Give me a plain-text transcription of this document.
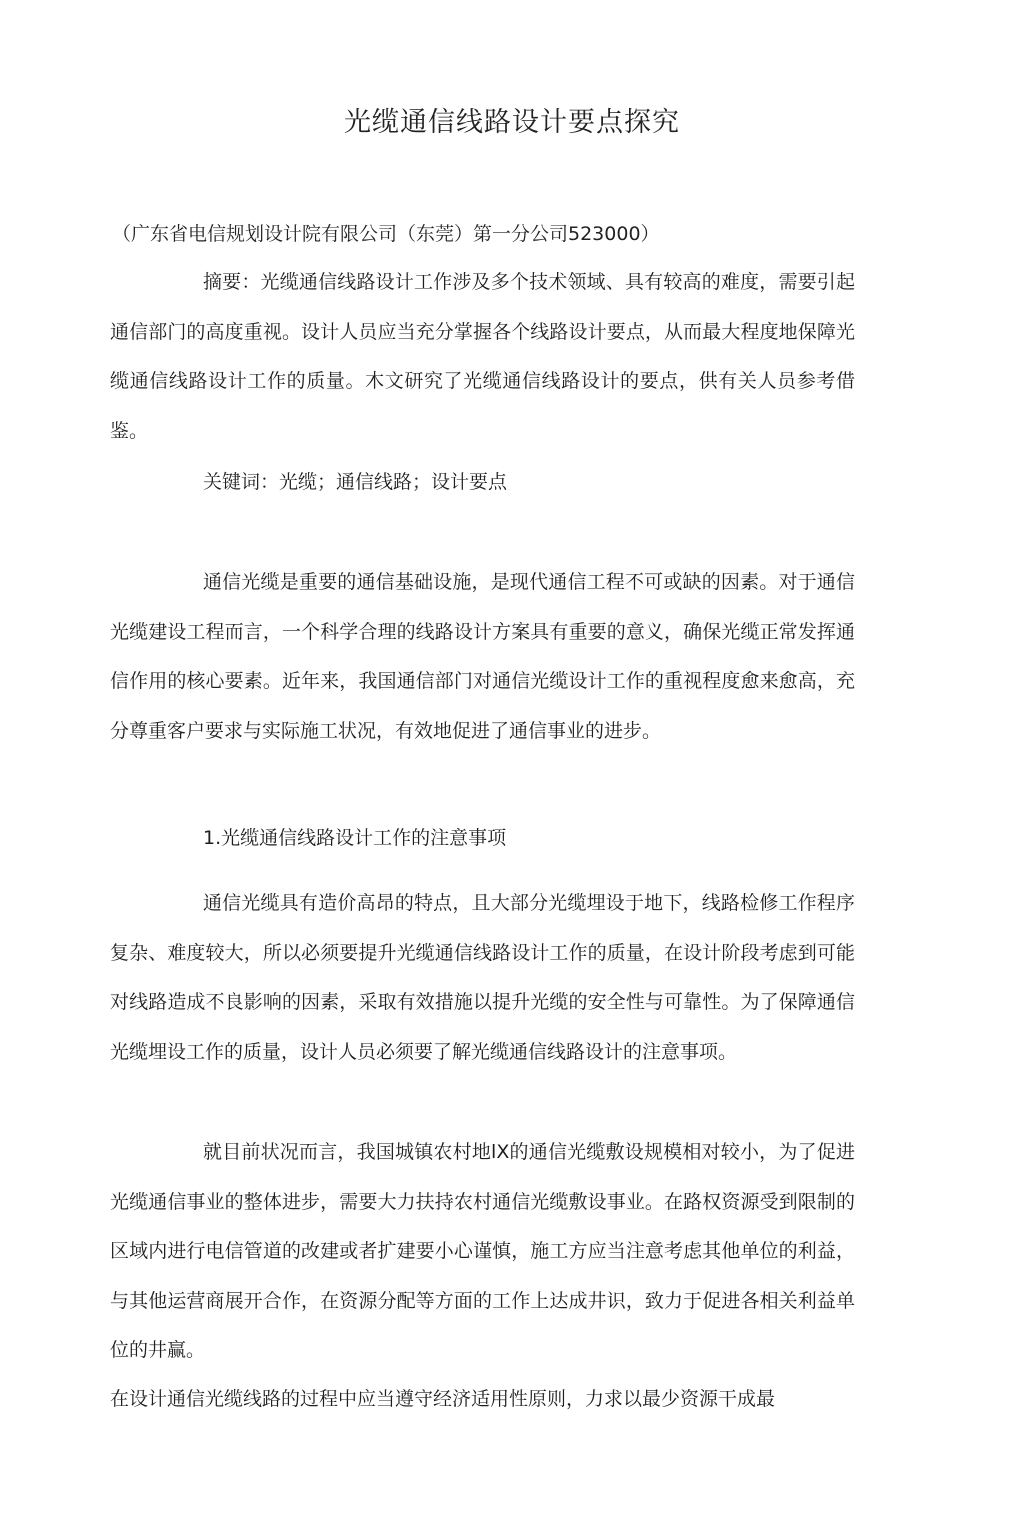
光缆通信线路设计要点探究
（广东省电信规划设计院有限公司（东莞）第一分公司523000）

摘要：光缆通信线路设计工作涉及多个技术领域、具有较高的难度，需要引起通信部门的高度重视。设计人员应当充分掌握各个线路设计要点，从而最大程度地保障光缆通信线路设计工作的质量。木文研究了光缆通信线路设计的要点，供有关人员参考借鉴。

关键词：光缆；通信线路；设计要点

通信光缆是重要的通信基础设施，是现代通信工程不可或缺的因素。对于通信光缆建设工程而言，一个科学合理的线路设计方案具有重要的意义，确保光缆正常发挥通信作用的核心要素。近年来，我国通信部门对通信光缆设计工作的重视程度愈来愈高，充分尊重客户要求与实际施工状况，有效地促进了通信事业的进步。

1.光缆通信线路设计工作的注意事项

通信光缆具有造价高昂的特点，且大部分光缆埋设于地下，线路检修工作程序复杂、难度较大，所以必须要提升光缆通信线路设计工作的质量，在设计阶段考虑到可能对线路造成不良影响的因素，采取有效措施以提升光缆的安全性与可靠性。为了保障通信光缆埋设工作的质量，设计人员必须要了解光缆通信线路设计的注意事项。

就目前状况而言，我国城镇农村地lX的通信光缆敷设规模相对较小，为了促进光缆通信事业的整体进步，需要大力扶持农村通信光缆敷设事业。在路权资源受到限制的区域内进行电信管道的改建或者扩建要小心谨慎，施工方应当注意考虑其他单位的利益，与其他运营商展开合作，在资源分配等方面的工作上达成井识，致力于促进各相关利益单位的井赢。

在设计通信光缆线路的过程中应当遵守经济适用性原则，力求以最少资源干成最
